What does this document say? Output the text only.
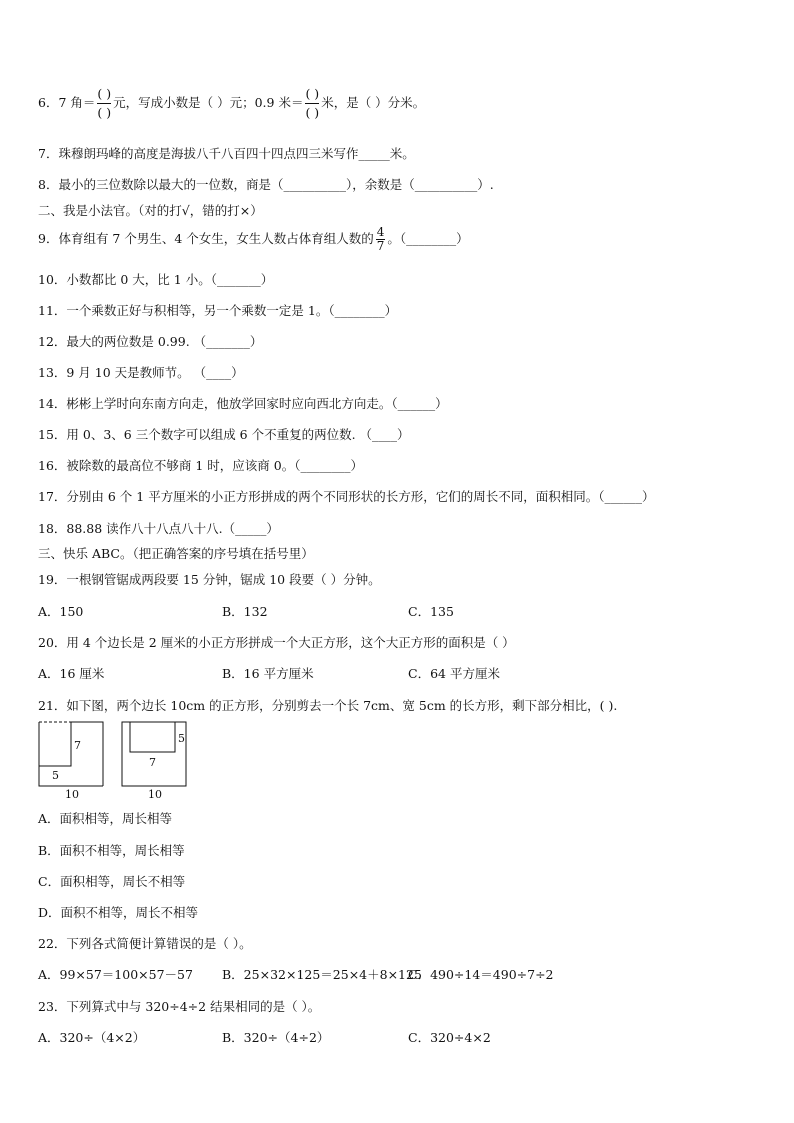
6．7 角＝ $\frac{( )}{( )}$ 元，写成小数是（ ）元；0.9 米＝ $\frac{( )}{( )}$ 米，是（ ）分米。
7．珠穆朗玛峰的高度是海拔八千八百四十四点四三米写作_____米。
8．最小的三位数除以最大的一位数，商是（__________），余数是（__________）.
二、我是小法官。（对的打√，错的打×）
9．体育组有 7 个男生、4 个女生，女生人数占体育组人数的 $\frac{4}{7}$ 。（________）
10．小数都比 0 大，比 1 小。（_______）
11．一个乘数正好与积相等，另一个乘数一定是 1。（________）
12．最大的两位数是 0.99. （_______）
13．9 月 10 天是教师节。 （____）
14．彬彬上学时向东南方向走，他放学回家时应向西北方向走。（______）
15．用 0、3、6 三个数字可以组成 6 个不重复的两位数. （____）
16．被除数的最高位不够商 1 时，应该商 0。（________）
17．分别由 6 个 1 平方厘米的小正方形拼成的两个不同形状的长方形，它们的周长不同，面积相同。（______）
18．88.88 读作八十八点八十八.（_____）
三、快乐 ABC。（把正确答案的序号填在括号里）
19．一根钢管锯成两段要 15 分钟，锯成 10 段要（ ）分钟。
A．150	B．132	C．135
20．用 4 个边长是 2 厘米的小正方形拼成一个大正方形，这个大正方形的面积是（ ）
A．16 厘米	B．16 平方厘米	C．64 平方厘米
21．如下图，两个边长 10cm 的正方形，分别剪去一个长 7cm、宽 5cm 的长方形，剩下部分相比，( ).
7
5
10
5
7
10
A．面积相等，周长相等
B．面积不相等，周长相等
C．面积相等，周长不相等
D．面积不相等，周长不相等
22．下列各式简便计算错误的是（ ）。
A．99×57＝100×57－57 B．25×32×125＝25×4＋8×125
C．490÷14＝490÷7÷2
23．下列算式中与 320÷4÷2 结果相同的是（ ）。
A．320÷（4×2）	B．320÷（4÷2）	C．320÷4×2
